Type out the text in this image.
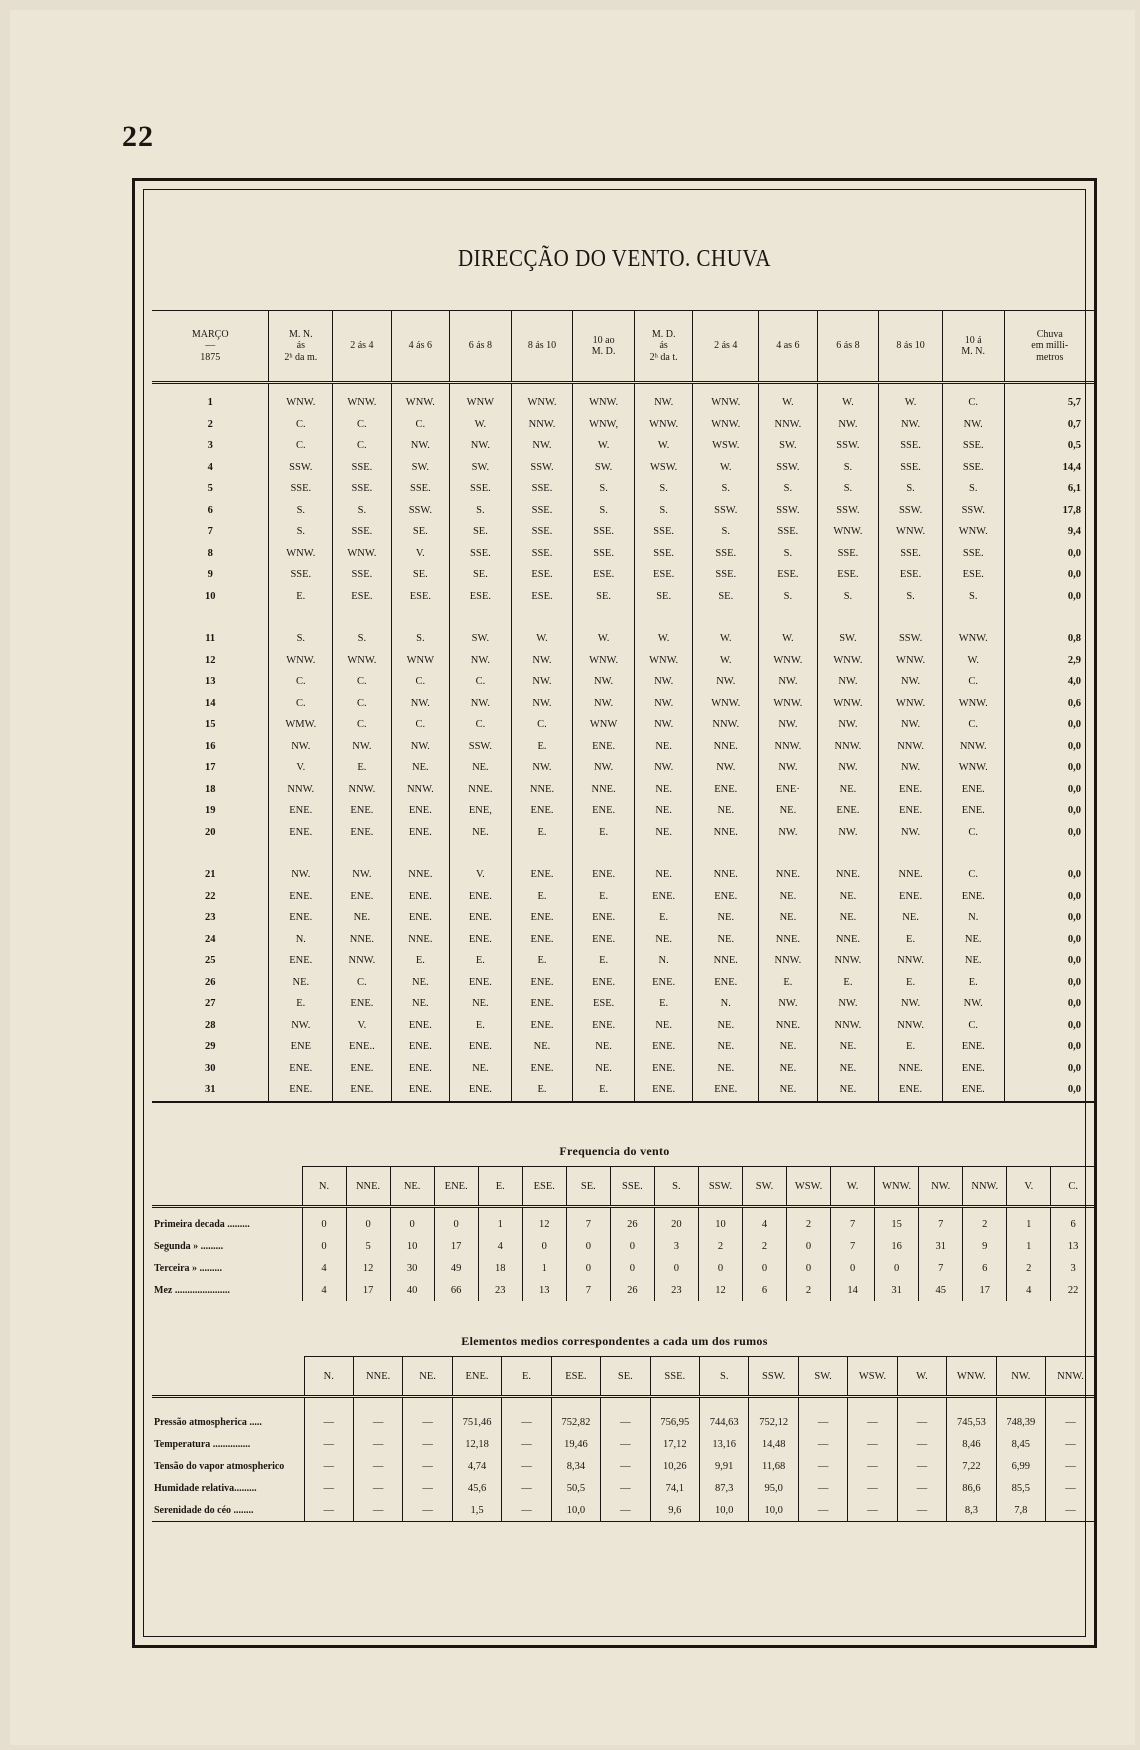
22
DIRECÇÃO DO VENTO. CHUVA
MARÇO
—
1875	M. N.
ás
2ʰ da m.	2 ás 4	4 ás 6	6 ás 8	8 ás 10	10 ao
M. D.	M. D.
ás
2ʰ da t.	2 ás 4	4 as 6	6 ás 8	8 ás 10	10 á
M. N.	Chuva
em milli-
metros
1	WNW.	WNW.	WNW.	WNW	WNW.	WNW.	NW.	WNW.	W.	W.	W.	C.	5,7
2	C.	C.	C.	W.	NNW.	WNW,	WNW.	WNW.	NNW.	NW.	NW.	NW.	0,7
3	C.	C.	NW.	NW.	NW.	W.	W.	WSW.	SW.	SSW.	SSE.	SSE.	0,5
4	SSW.	SSE.	SW.	SW.	SSW.	SW.	WSW.	W.	SSW.	S.	SSE.	SSE.	14,4
5	SSE.	SSE.	SSE.	SSE.	SSE.	S.	S.	S.	S.	S.	S.	S.	6,1
6	S.	S.	SSW.	S.	SSE.	S.	S.	SSW.	SSW.	SSW.	SSW.	SSW.	17,8
7	S.	SSE.	SE.	SE.	SSE.	SSE.	SSE.	S.	SSE.	WNW.	WNW.	WNW.	9,4
8	WNW.	WNW.	V.	SSE.	SSE.	SSE.	SSE.	SSE.	S.	SSE.	SSE.	SSE.	0,0
9	SSE.	SSE.	SE.	SE.	ESE.	ESE.	ESE.	SSE.	ESE.	ESE.	ESE.	ESE.	0,0
10	E.	ESE.	ESE.	ESE.	ESE.	SE.	SE.	SE.	S.	S.	S.	S.	0,0
11	S.	S.	S.	SW.	W.	W.	W.	W.	W.	SW.	SSW.	WNW.	0,8
12	WNW.	WNW.	WNW	NW.	NW.	WNW.	WNW.	W.	WNW.	WNW.	WNW.	W.	2,9
13	C.	C.	C.	C.	NW.	NW.	NW.	NW.	NW.	NW.	NW.	C.	4,0
14	C.	C.	NW.	NW.	NW.	NW.	NW.	WNW.	WNW.	WNW.	WNW.	WNW.	0,6
15	WMW.	C.	C.	C.	C.	WNW	NW.	NNW.	NW.	NW.	NW.	C.	0,0
16	NW.	NW.	NW.	SSW.	E.	ENE.	NE.	NNE.	NNW.	NNW.	NNW.	NNW.	0,0
17	V.	E.	NE.	NE.	NW.	NW.	NW.	NW.	NW.	NW.	NW.	WNW.	0,0
18	NNW.	NNW.	NNW.	NNE.	NNE.	NNE.	NE.	ENE.	ENE·	NE.	ENE.	ENE.	0,0
19	ENE.	ENE.	ENE.	ENE,	ENE.	ENE.	NE.	NE.	NE.	ENE.	ENE.	ENE.	0,0
20	ENE.	ENE.	ENE.	NE.	E.	E.	NE.	NNE.	NW.	NW.	NW.	C.	0,0
21	NW.	NW.	NNE.	V.	ENE.	ENE.	NE.	NNE.	NNE.	NNE.	NNE.	C.	0,0
22	ENE.	ENE.	ENE.	ENE.	E.	E.	ENE.	ENE.	NE.	NE.	ENE.	ENE.	0,0
23	ENE.	NE.	ENE.	ENE.	ENE.	ENE.	E.	NE.	NE.	NE.	NE.	N.	0,0
24	N.	NNE.	NNE.	ENE.	ENE.	ENE.	NE.	NE.	NNE.	NNE.	E.	NE.	0,0
25	ENE.	NNW.	E.	E.	E.	E.	N.	NNE.	NNW.	NNW.	NNW.	NE.	0,0
26	NE.	C.	NE.	ENE.	ENE.	ENE.	ENE.	ENE.	E.	E.	E.	E.	0,0
27	E.	ENE.	NE.	NE.	ENE.	ESE.	E.	N.	NW.	NW.	NW.	NW.	0,0
28	NW.	V.	ENE.	E.	ENE.	ENE.	NE.	NE.	NNE.	NNW.	NNW.	C.	0,0
29	ENE	ENE..	ENE.	ENE.	NE.	NE.	ENE.	NE.	NE.	NE.	E.	ENE.	0,0
30	ENE.	ENE.	ENE.	NE.	ENE.	NE.	ENE.	NE.	NE.	NE.	NNE.	ENE.	0,0
31	ENE.	ENE.	ENE.	ENE.	E.	E.	ENE.	ENE.	NE.	NE.	ENE.	ENE.	0,0
Frequencia do vento
	N.	NNE.	NE.	ENE.	E.	ESE.	SE.	SSE.	S.	SSW.	SW.	WSW.	W.	WNW.	NW.	NNW.	V.	C.
Primeira decada .........	0	0	0	0	1	12	7	26	20	10	4	2	7	15	7	2	1	6
Segunda » .........	0	5	10	17	4	0	0	0	3	2	2	0	7	16	31	9	1	13
Terceira » .........	4	12	30	49	18	1	0	0	0	0	0	0	0	0	7	6	2	3
Mez ......................	4	17	40	66	23	13	7	26	23	12	6	2	14	31	45	17	4	22
Elementos medios correspondentes a cada um dos rumos
	N.	NNE.	NE.	ENE.	E.	ESE.	SE.	SSE.	S.	SSW.	SW.	WSW.	W.	WNW.	NW.	NNW.
Pressão atmospherica .....	—	—	—	751,46	—	752,82	—	756,95	744,63	752,12	—	—	—	745,53	748,39	—
Temperatura ...............	—	—	—	12,18	—	19,46	—	17,12	13,16	14,48	—	—	—	8,46	8,45	—
Tensão do vapor atmospherico	—	—	—	4,74	—	8,34	—	10,26	9,91	11,68	—	—	—	7,22	6,99	—
Humidade relativa.........	—	—	—	45,6	—	50,5	—	74,1	87,3	95,0	—	—	—	86,6	85,5	—
Serenidade do céo ........	—	—	—	1,5	—	10,0	—	9,6	10,0	10,0	—	—	—	8,3	7,8	—
